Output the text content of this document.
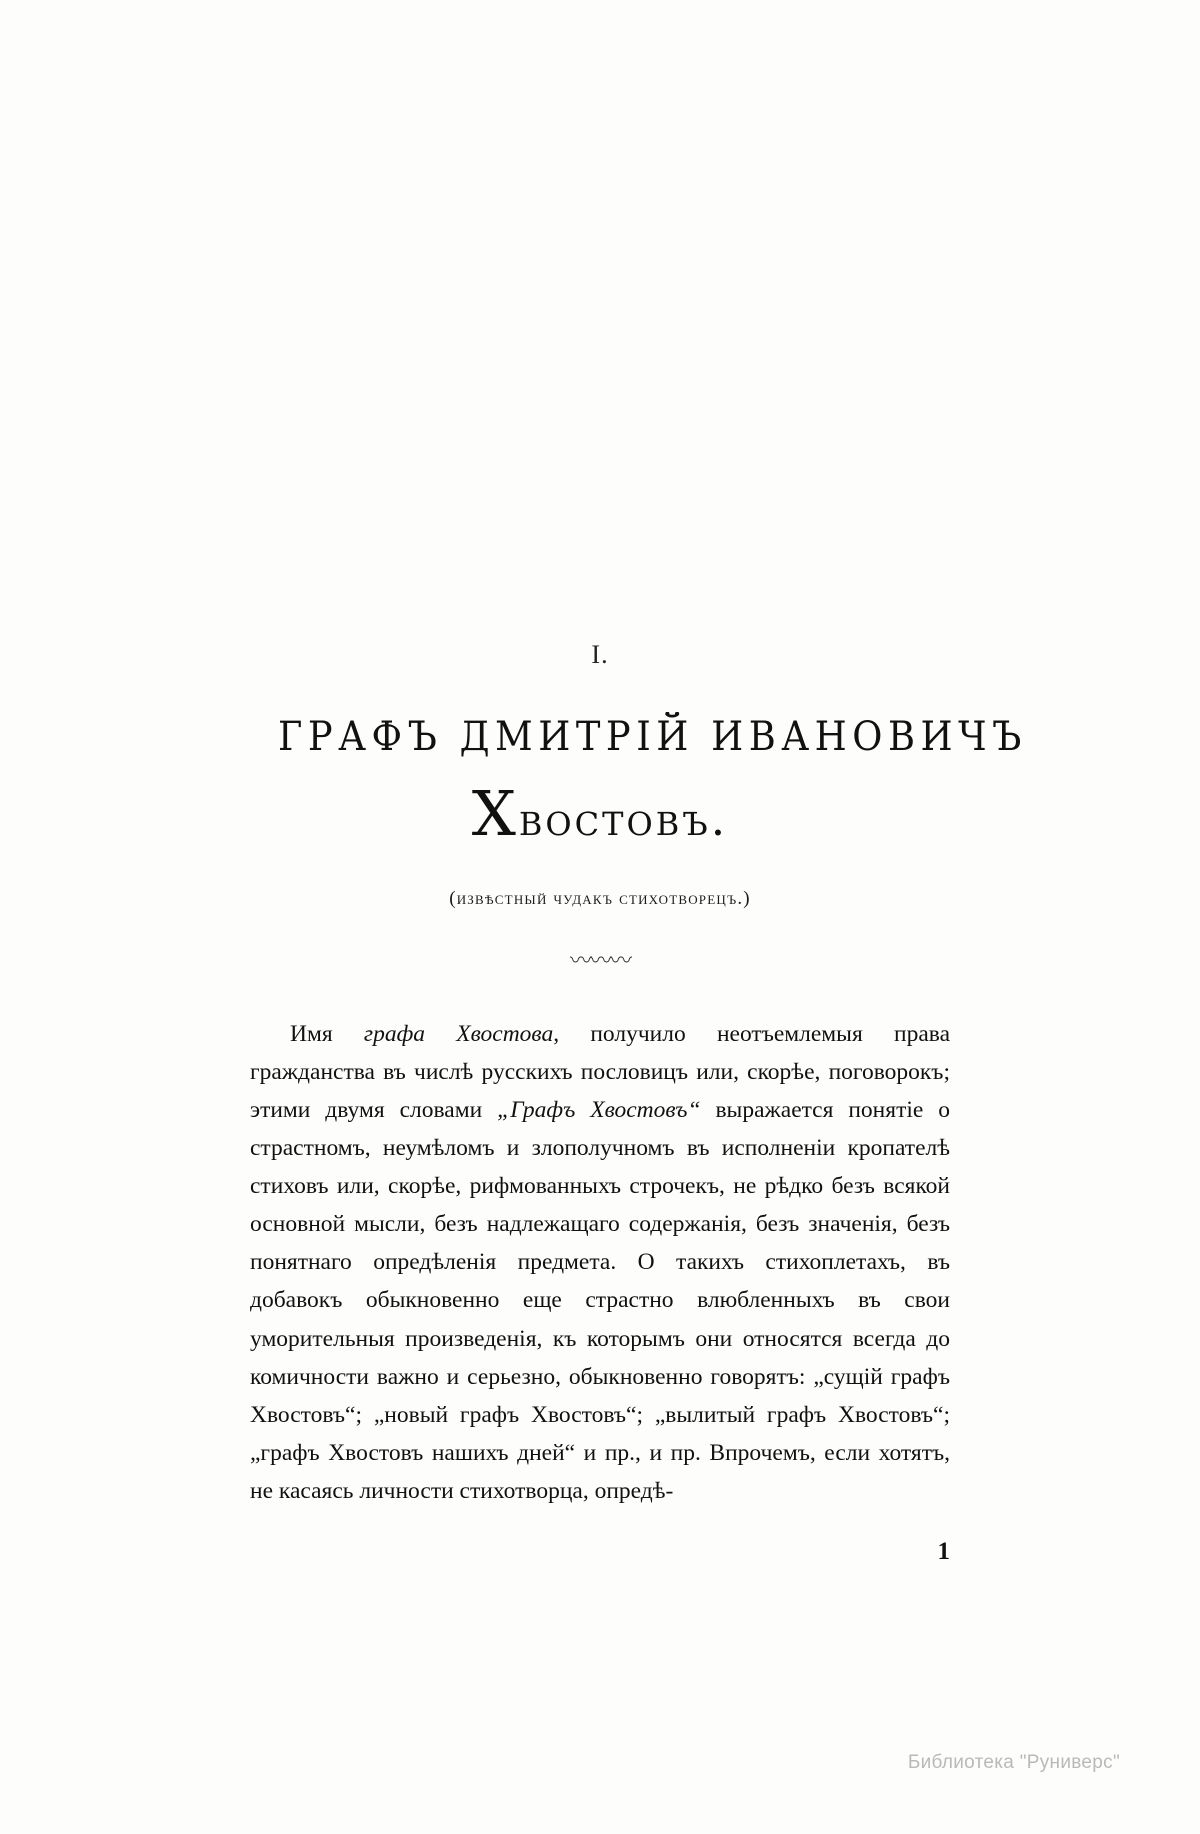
I.
ГРАФЪ ДМИТРІЙ ИВАНОВИЧЪ
Хвостовъ.
(извѣстный чудакъ стихотворецъ.)
〰〰〰
Имя графа Хвостова, получило неотъемлемыя права гражданства въ числѣ русскихъ пословицъ или, скорѣе, поговорокъ; этими двумя словами „Графъ Хвостовъ“ выражается понятіе о страстномъ, неумѣломъ и злополучномъ въ исполненіи кропателѣ стиховъ или, скорѣе, рифмованныхъ строчекъ, не рѣдко безъ всякой основной мысли, безъ надлежащаго содержанія, безъ значенія, безъ понятнаго опредѣленія предмета. О такихъ стихоплетахъ, въ добавокъ обыкновенно еще страстно влюбленныхъ въ свои уморительныя произведенія, къ которымъ они относятся всегда до комичности важно и серьезно, обыкновенно говорятъ: „сущій графъ Хвостовъ“; „новый графъ Хвостовъ“; „вылитый графъ Хвостовъ“; „графъ Хвостовъ нашихъ дней“ и пр., и пр. Впрочемъ, если хотятъ, не касаясь личности стихотворца, опредѣ-
1
Библиотека "Руниверс"
